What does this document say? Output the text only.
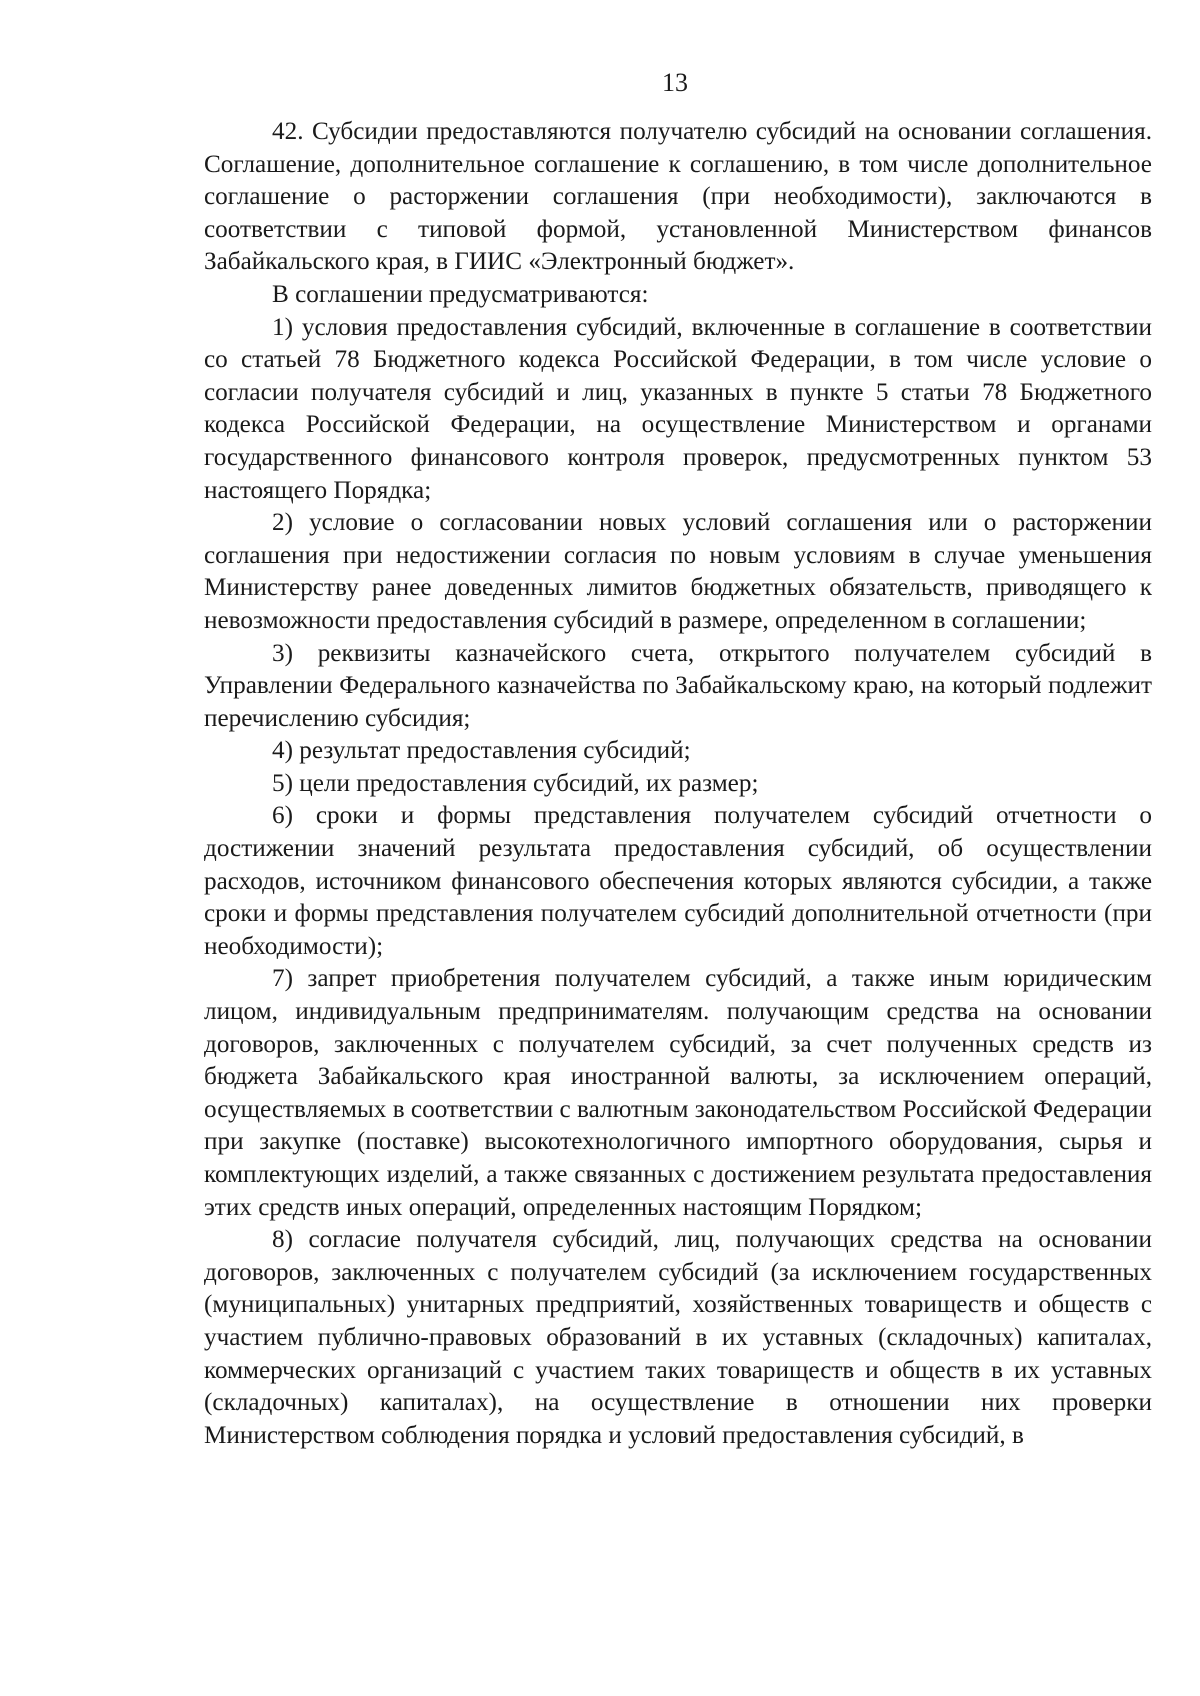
13

42. Субсидии предоставляются получателю субсидий на основании соглашения. Соглашение, дополнительное соглашение к соглашению, в том числе дополнительное соглашение о расторжении соглашения (при необходимости), заключаются в соответствии с типовой формой, установленной Министерством финансов Забайкальского края, в ГИИС «Электронный бюджет».

В соглашении предусматриваются:

1) условия предоставления субсидий, включенные в соглашение в соответствии со статьей 78 Бюджетного кодекса Российской Федерации, в том числе условие о согласии получателя субсидий и лиц, указанных в пункте 5 статьи 78 Бюджетного кодекса Российской Федерации, на осуществление Министерством и органами государственного финансового контроля проверок, предусмотренных пунктом 53 настоящего Порядка;

2) условие о согласовании новых условий соглашения или о расторжении соглашения при недостижении согласия по новым условиям в случае уменьшения Министерству ранее доведенных лимитов бюджетных обязательств, приводящего к невозможности предоставления субсидий в размере, определенном в соглашении;

3) реквизиты казначейского счета, открытого получателем субсидий в Управлении Федерального казначейства по Забайкальскому краю, на который подлежит перечислению субсидия;

4) результат предоставления субсидий;

5) цели предоставления субсидий, их размер;

6) сроки и формы представления получателем субсидий отчетности о достижении значений результата предоставления субсидий, об осуществлении расходов, источником финансового обеспечения которых являются субсидии, а также сроки и формы представления получателем субсидий дополнительной отчетности (при необходимости);

7) запрет приобретения получателем субсидий, а также иным юридическим лицом, индивидуальным предпринимателям. получающим средства на основании договоров, заключенных с получателем субсидий, за счет полученных средств из бюджета Забайкальского края иностранной валюты, за исключением операций, осуществляемых в соответствии с валютным законодательством Российской Федерации при закупке (поставке) высокотехнологичного импортного оборудования, сырья и комплектующих изделий, а также связанных с достижением результата предоставления этих средств иных операций, определенных настоящим Порядком;

8) согласие получателя субсидий, лиц, получающих средства на основании договоров, заключенных с получателем субсидий (за исключением государственных (муниципальных) унитарных предприятий, хозяйственных товариществ и обществ с участием публично-правовых образований в их уставных (складочных) капиталах, коммерческих организаций с участием таких товариществ и обществ в их уставных (складочных) капиталах), на осуществление в отношении них проверки Министерством соблюдения порядка и условий предоставления субсидий, в
